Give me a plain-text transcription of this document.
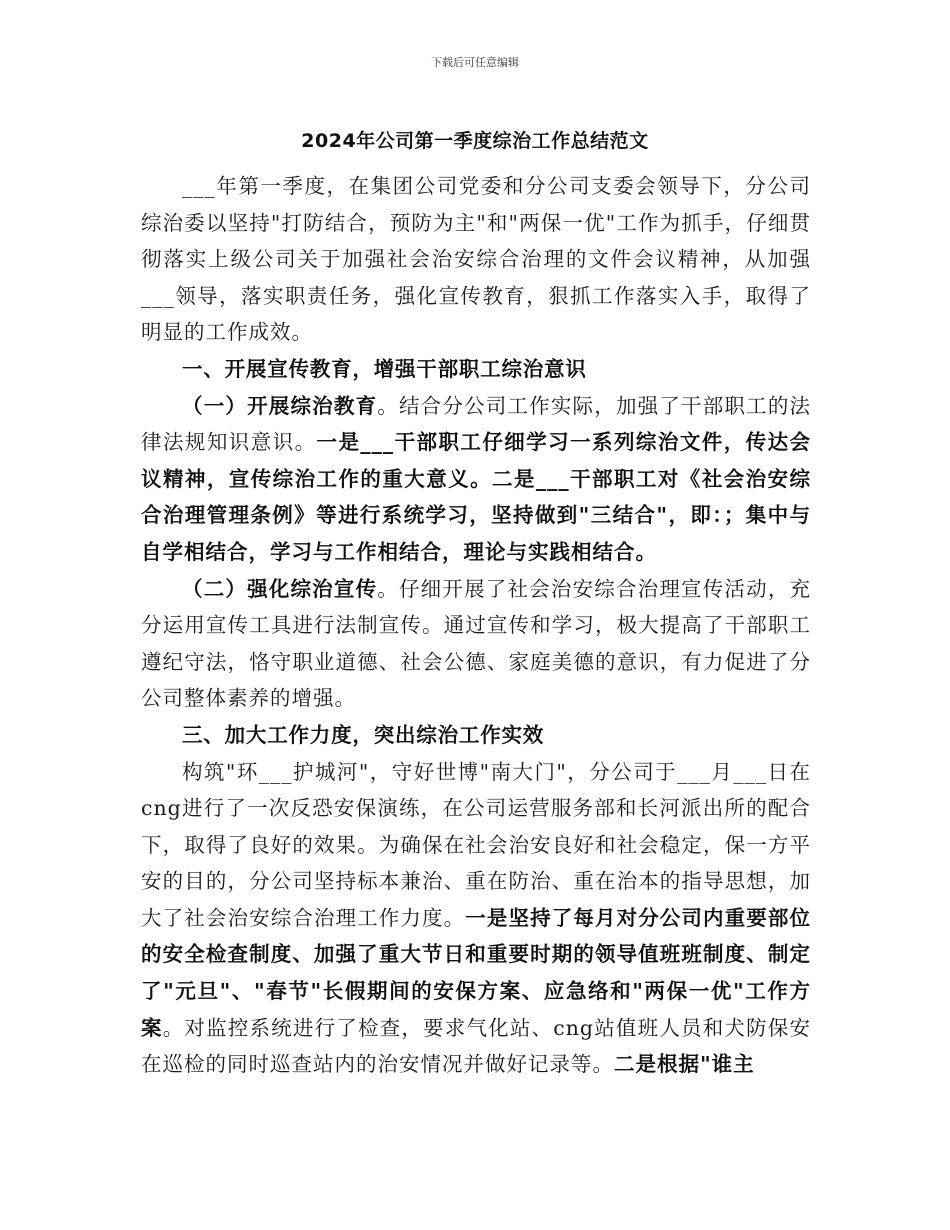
下载后可任意编辑
2024年公司第一季度综治工作总结范文

___年第一季度，在集团公司党委和分公司支委会领导下，分公司综治委以坚持"打防结合，预防为主"和"两保一优"工作为抓手，仔细贯彻落实上级公司关于加强社会治安综合治理的文件会议精神，从加强___领导，落实职责任务，强化宣传教育，狠抓工作落实入手，取得了明显的工作成效。

一、开展宣传教育，增强干部职工综治意识

（一）开展综治教育。结合分公司工作实际，加强了干部职工的法律法规知识意识。一是___干部职工仔细学习一系列综治文件，传达会议精神，宣传综治工作的重大意义。二是___干部职工对《社会治安综合治理管理条例》等进行系统学习，坚持做到"三结合"，即：；集中与自学相结合，学习与工作相结合，理论与实践相结合。

（二）强化综治宣传。仔细开展了社会治安综合治理宣传活动，充分运用宣传工具进行法制宣传。通过宣传和学习，极大提高了干部职工遵纪守法，恪守职业道德、社会公德、家庭美德的意识，有力促进了分公司整体素养的增强。

三、加大工作力度，突出综治工作实效

构筑"环___护城河"，守好世博"南大门"，分公司于___月___日在cng进行了一次反恐安保演练，在公司运营服务部和长河派出所的配合下，取得了良好的效果。为确保在社会治安良好和社会稳定，保一方平安的目的，分公司坚持标本兼治、重在防治、重在治本的指导思想，加大了社会治安综合治理工作力度。一是坚持了每月对分公司内重要部位的安全检查制度、加强了重大节日和重要时期的领导值班班制度、制定了"元旦"、"春节"长假期间的安保方案、应急络和"两保一优"工作方案。对监控系统进行了检查，要求气化站、cng站值班人员和犬防保安在巡检的同时巡查站内的治安情况并做好记录等。二是根据"谁主
